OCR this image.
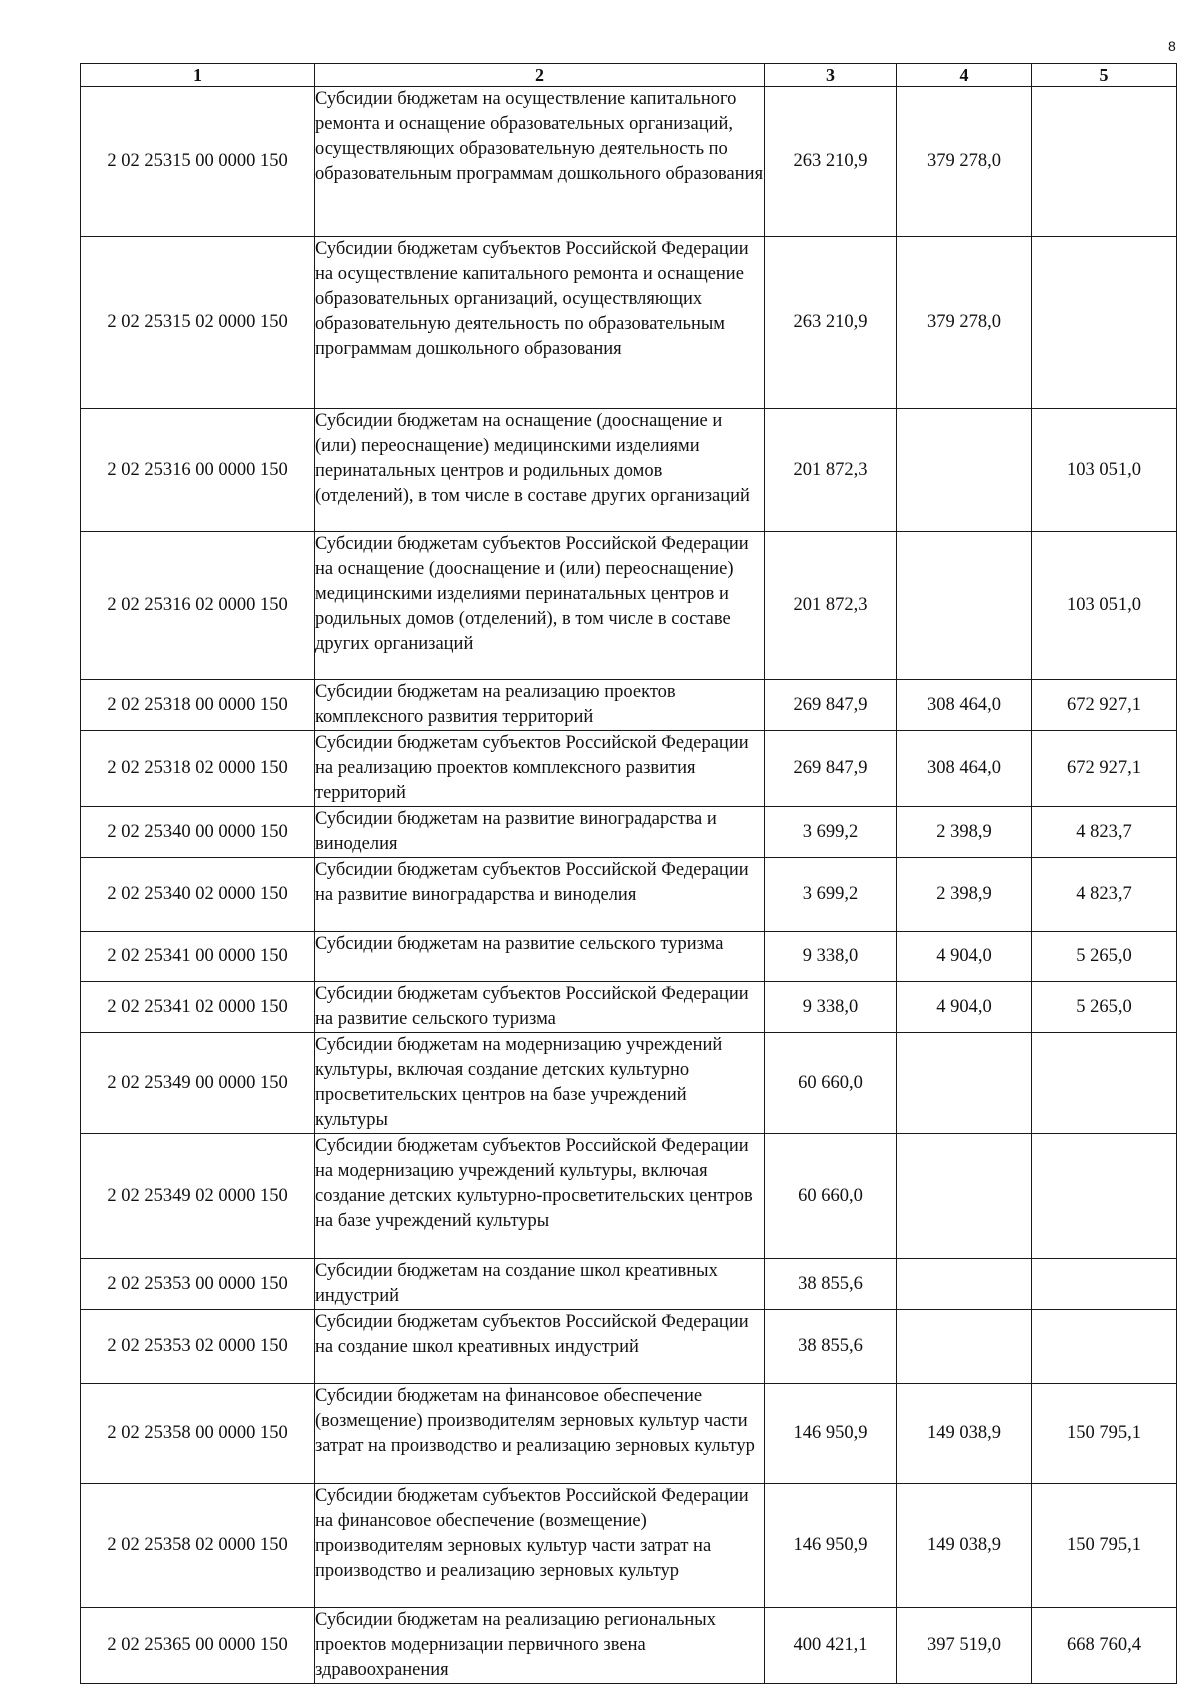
8
1	2	3	4	5
2 02 25315 00 0000 150	Субсидии бюджетам на осуществление капитального ремонта и оснащение образовательных организаций, осуществляющих образовательную деятельность по образовательным программам дошкольного образования	263 210,9	379 278,0	
2 02 25315 02 0000 150	Субсидии бюджетам субъектов Российской Федерации на осуществление капитального ремонта и оснащение образовательных организаций, осуществляющих образовательную деятельность по образовательным программам дошкольного образования	263 210,9	379 278,0	
2 02 25316 00 0000 150	Субсидии бюджетам на оснащение (дооснащение и (или) переоснащение) медицинскими изделиями перинатальных центров и родильных домов (отделений), в том числе в составе других организаций	201 872,3		103 051,0
2 02 25316 02 0000 150	Субсидии бюджетам субъектов Российской Федерации на оснащение (дооснащение и (или) переоснащение) медицинскими изделиями перинатальных центров и родильных домов (отделений), в том числе в составе других организаций	201 872,3		103 051,0
2 02 25318 00 0000 150	Субсидии бюджетам на реализацию проектов комплексного развития территорий	269 847,9	308 464,0	672 927,1
2 02 25318 02 0000 150	Субсидии бюджетам субъектов Российской Федерации на реализацию проектов комплексного развития территорий	269 847,9	308 464,0	672 927,1
2 02 25340 00 0000 150	Субсидии бюджетам на развитие виноградарства и виноделия	3 699,2	2 398,9	4 823,7
2 02 25340 02 0000 150	Субсидии бюджетам субъектов Российской Федерации на развитие виноградарства и виноделия	3 699,2	2 398,9	4 823,7
2 02 25341 00 0000 150	Субсидии бюджетам на развитие сельского туризма	9 338,0	4 904,0	5 265,0
2 02 25341 02 0000 150	Субсидии бюджетам субъектов Российской Федерации на развитие сельского туризма	9 338,0	4 904,0	5 265,0
2 02 25349 00 0000 150	Субсидии бюджетам на модернизацию учреждений культуры, включая создание детских культурно просветительских центров на базе учреждений культуры	60 660,0		
2 02 25349 02 0000 150	Субсидии бюджетам субъектов Российской Федерации на модернизацию учреждений культуры, включая создание детских культурно-просветительских центров на базе учреждений культуры	60 660,0		
2 02 25353 00 0000 150	Субсидии бюджетам на создание школ креативных индустрий	38 855,6		
2 02 25353 02 0000 150	Субсидии бюджетам субъектов Российской Федерации на создание школ креативных индустрий	38 855,6		
2 02 25358 00 0000 150	Субсидии бюджетам на финансовое обеспечение (возмещение) производителям зерновых культур части затрат на производство и реализацию зерновых культур	146 950,9	149 038,9	150 795,1
2 02 25358 02 0000 150	Субсидии бюджетам субъектов Российской Федерации на финансовое обеспечение (возмещение) производителям зерновых культур части затрат на производство и реализацию зерновых культур	146 950,9	149 038,9	150 795,1
2 02 25365 00 0000 150	Субсидии бюджетам на реализацию региональных проектов модернизации первичного звена здравоохранения	400 421,1	397 519,0	668 760,4
